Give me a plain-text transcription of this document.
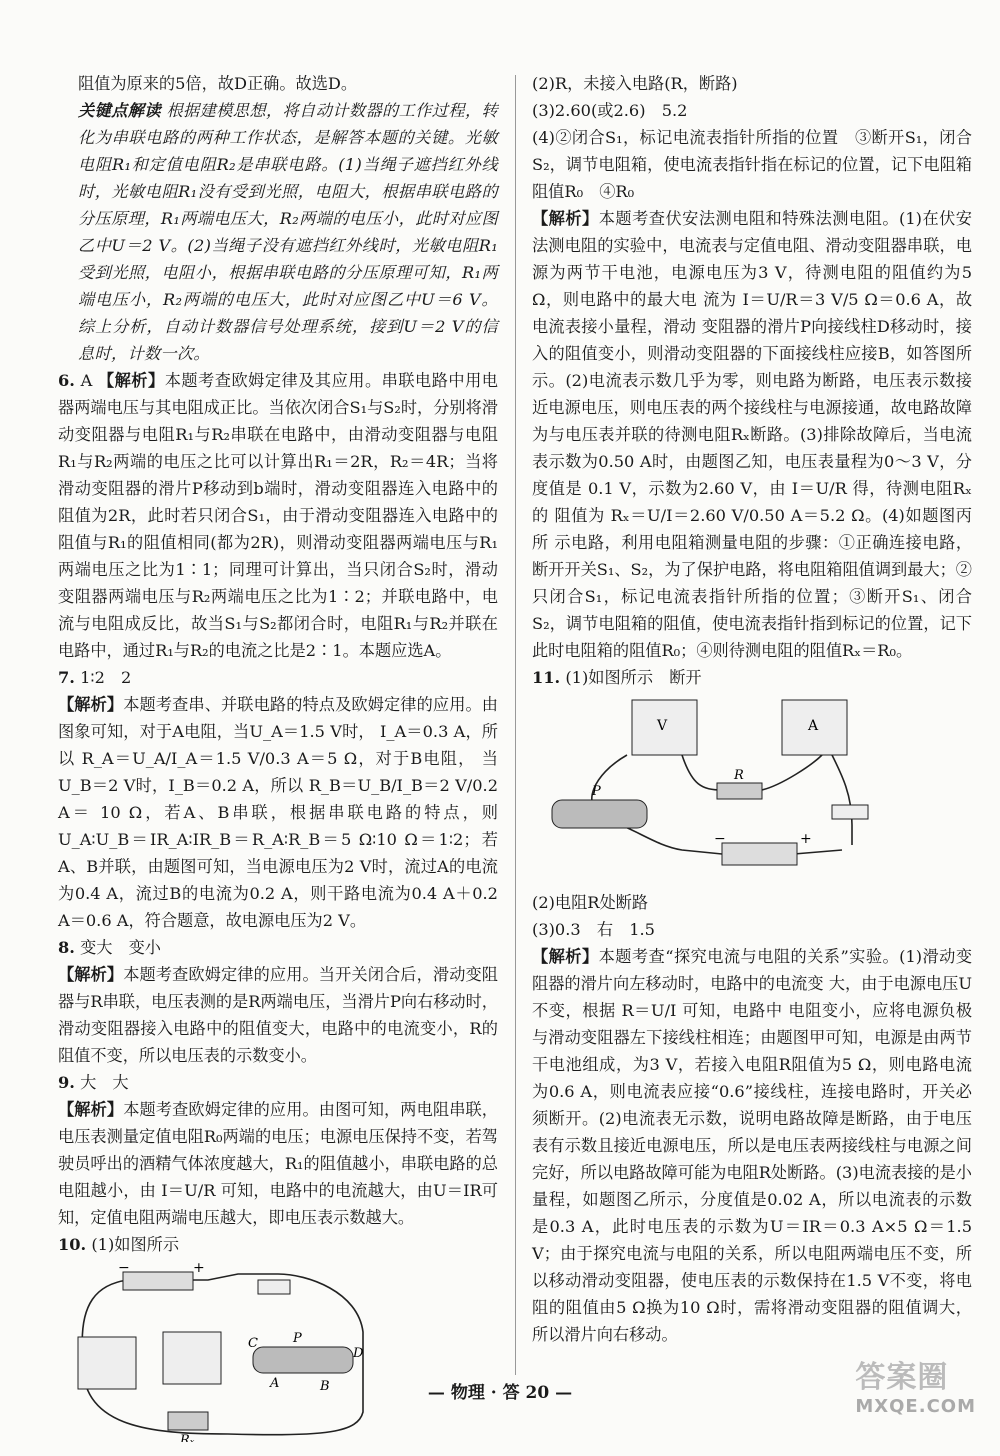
阻值为原来的5倍，故D正确。故选D。

关键点解读 根据建模思想，将自动计数器的工作过程，转化为串联电路的两种工作状态，是解答本题的关键。光敏电阻R₁和定值电阻R₂是串联电路。(1)当绳子遮挡红外线时，光敏电阻R₁没有受到光照，电阻大，根据串联电路的分压原理，R₁两端电压大，R₂两端的电压小，此时对应图乙中U＝2 V。(2)当绳子没有遮挡红外线时，光敏电阻R₁受到光照，电阻小，根据串联电路的分压原理可知，R₁两端电压小，R₂两端的电压大，此时对应图乙中U＝6 V。综上分析，自动计数器信号处理系统，接到U＝2 V的信息时，计数一次。

6. A 【解析】本题考查欧姆定律及其应用。串联电路中用电器两端电压与其电阻成正比。当依次闭合S₁与S₂时，分别将滑动变阻器与电阻R₁与R₂串联在电路中，由滑动变阻器与电阻R₁与R₂两端的电压之比可以计算出R₁＝2R，R₂＝4R；当将滑动变阻器的滑片P移动到b端时，滑动变阻器连入电路中的阻值为2R，此时若只闭合S₁，由于滑动变阻器连入电路中的阻值与R₁的阻值相同(都为2R)，则滑动变阻器两端电压与R₁两端电压之比为1∶1；同理可计算出，当只闭合S₂时，滑动变阻器两端电压与R₂两端电压之比为1∶2；并联电路中，电流与电阻成反比，故当S₁与S₂都闭合时，电阻R₁与R₂并联在电路中，通过R₁与R₂的电流之比是2∶1。本题应选A。

7. 1∶2　2
【解析】本题考查串、并联电路的特点及欧姆定律的应用。由图象可知，对于A电阻，当U_A＝1.5 V时， I_A＝0.3 A，所以 R_A＝U_A/I_A＝1.5 V/0.3 A＝5 Ω，对于B电阻， 当U_B＝2 V时，I_B＝0.2 A，所以 R_B＝U_B/I_B＝2 V/0.2 A＝ 10 Ω，若A、B串联，根据串联电路的特点，则U_A∶U_B＝IR_A∶IR_B＝R_A∶R_B＝5 Ω∶10 Ω＝1∶2；若A、B并联，由题图可知，当电源电压为2 V时，流过A的电流为0.4 A，流过B的电流为0.2 A，则干路电流为0.4 A＋0.2 A＝0.6 A，符合题意，故电源电压为2 V。

8. 变大　变小
【解析】本题考查欧姆定律的应用。当开关闭合后，滑动变阻器与R串联，电压表测的是R两端电压，当滑片P向右移动时，滑动变阻器接入电路中的阻值变大，电路中的电流变小，R的阻值不变，所以电压表的示数变小。

9. 大　大
【解析】本题考查欧姆定律的应用。由图可知，两电阻串联，电压表测量定值电阻R₀两端的电压；电源电压保持不变，若驾驶员呼出的酒精气体浓度越大，R₁的阻值越小，串联电路的总电阻越小，由 I＝U/R 可知，电路中的电流越大，由U＝IR可知，定值电阻两端电压越大，即电压表示数越大。

10. (1)如图所示

−	+
C	P
D
A	B
Rₓ

(2)R，未接入电路(R，断路)

(3)2.60(或2.6)　5.2

(4)②闭合S₁，标记电流表指针所指的位置　③断开S₁，闭合S₂，调节电阻箱，使电流表指针指在标记的位置，记下电阻箱阻值R₀　④R₀

【解析】本题考查伏安法测电阻和特殊法测电阻。(1)在伏安法测电阻的实验中，电流表与定值电阻、滑动变阻器串联，电源为两节干电池，电源电压为3 V，待测电阻的阻值约为5 Ω，则电路中的最大电 流为 I＝U/R＝3 V/5 Ω＝0.6 A，故电流表接小量程，滑动 变阻器的滑片P向接线柱D移动时，接入的阻值变小，则滑动变阻器的下面接线柱应接B，如答图所示。(2)电流表示数几乎为零，则电路为断路，电压表示数接近电源电压，则电压表的两个接线柱与电源接通，故电路故障为与电压表并联的待测电阻Rₓ断路。(3)排除故障后，当电流表示数为0.50 A时，由题图乙知，电压表量程为0～3 V，分度值是 0.1 V，示数为2.60 V，由 I＝U/R 得，待测电阻Rₓ的 阻值为 Rₓ＝U/I＝2.60 V/0.50 A＝5.2 Ω。(4)如题图丙所 示电路，利用电阻箱测量电阻的步骤：①正确连接电路，断开开关S₁、S₂，为了保护电路，将电阻箱阻值调到最大；②只闭合S₁，标记电流表指针所指的位置；③断开S₁、闭合S₂，调节电阻箱的阻值，使电流表指针指到标记的位置，记下此时电阻箱的阻值R₀；④则待测电阻的阻值Rₓ＝R₀。

11. (1)如图所示　断开

V	A
R
P
−	+

(2)电阻R处断路

(3)0.3　右　1.5

【解析】本题考查“探究电流与电阻的关系”实验。(1)滑动变阻器的滑片向左移动时，电路中的电流变 大，由于电源电压U不变，根据 R＝U/I 可知，电路中 电阻变小，应将电源负极与滑动变阻器左下接线柱相连；由题图甲可知，电源是由两节干电池组成，为3 V，若接入电阻R阻值为5 Ω，则电路电流为0.6 A，则电流表应接“0.6”接线柱，连接电路时，开关必须断开。(2)电流表无示数，说明电路故障是断路，由于电压表有示数且接近电源电压，所以是电压表两接线柱与电源之间完好，所以电路故障可能为电阻R处断路。(3)电流表接的是小量程，如题图乙所示，分度值是0.02 A，所以电流表的示数是0.3 A，此时电压表的示数为U＝IR＝0.3 A×5 Ω＝1.5 V；由于探究电流与电阻的关系，所以电阻两端电压不变，所以移动滑动变阻器，使电压表的示数保持在1.5 V不变，将电阻的阻值由5 Ω换为10 Ω时，需将滑动变阻器的阻值调大，所以滑片向右移动。

— 物理 · 答 20 —	答案圈
MXQE.COM
